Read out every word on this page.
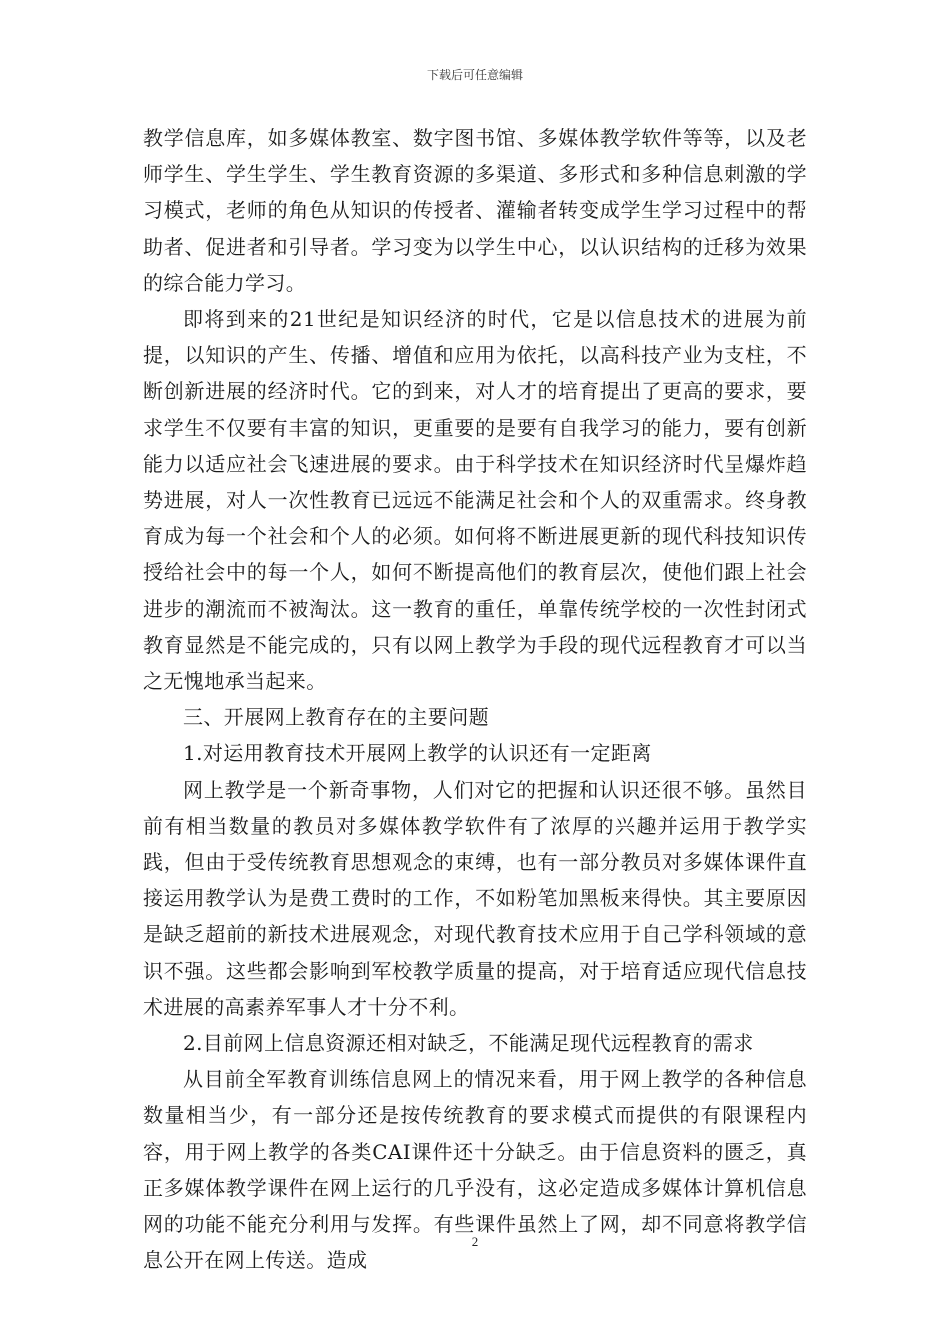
下载后可任意编辑

教学信息库，如多媒体教室、数字图书馆、多媒体教学软件等等，以及老师学生、学生学生、学生教育资源的多渠道、多形式和多种信息刺激的学习模式，老师的角色从知识的传授者、灌输者转变成学生学习过程中的帮助者、促进者和引导者。学习变为以学生中心，以认识结构的迁移为效果的综合能力学习。

即将到来的21世纪是知识经济的时代，它是以信息技术的进展为前提，以知识的产生、传播、增值和应用为依托，以高科技产业为支柱，不断创新进展的经济时代。它的到来，对人才的培育提出了更高的要求，要求学生不仅要有丰富的知识，更重要的是要有自我学习的能力，要有创新能力以适应社会飞速进展的要求。由于科学技术在知识经济时代呈爆炸趋势进展，对人一次性教育已远远不能满足社会和个人的双重需求。终身教育成为每一个社会和个人的必须。如何将不断进展更新的现代科技知识传授给社会中的每一个人，如何不断提高他们的教育层次，使他们跟上社会进步的潮流而不被淘汰。这一教育的重任，单靠传统学校的一次性封闭式教育显然是不能完成的，只有以网上教学为手段的现代远程教育才可以当之无愧地承当起来。

三、开展网上教育存在的主要问题

1.对运用教育技术开展网上教学的认识还有一定距离

网上教学是一个新奇事物，人们对它的把握和认识还很不够。虽然目前有相当数量的教员对多媒体教学软件有了浓厚的兴趣并运用于教学实践，但由于受传统教育思想观念的束缚，也有一部分教员对多媒体课件直接运用教学认为是费工费时的工作，不如粉笔加黑板来得快。其主要原因是缺乏超前的新技术进展观念，对现代教育技术应用于自己学科领域的意识不强。这些都会影响到军校教学质量的提高，对于培育适应现代信息技术进展的高素养军事人才十分不利。

2.目前网上信息资源还相对缺乏，不能满足现代远程教育的需求

从目前全军教育训练信息网上的情况来看，用于网上教学的各种信息数量相当少，有一部分还是按传统教育的要求模式而提供的有限课程内容，用于网上教学的各类CAI课件还十分缺乏。由于信息资料的匮乏，真正多媒体教学课件在网上运行的几乎没有，这必定造成多媒体计算机信息网的功能不能充分利用与发挥。有些课件虽然上了网，却不同意将教学信息公开在网上传送。造成

2
